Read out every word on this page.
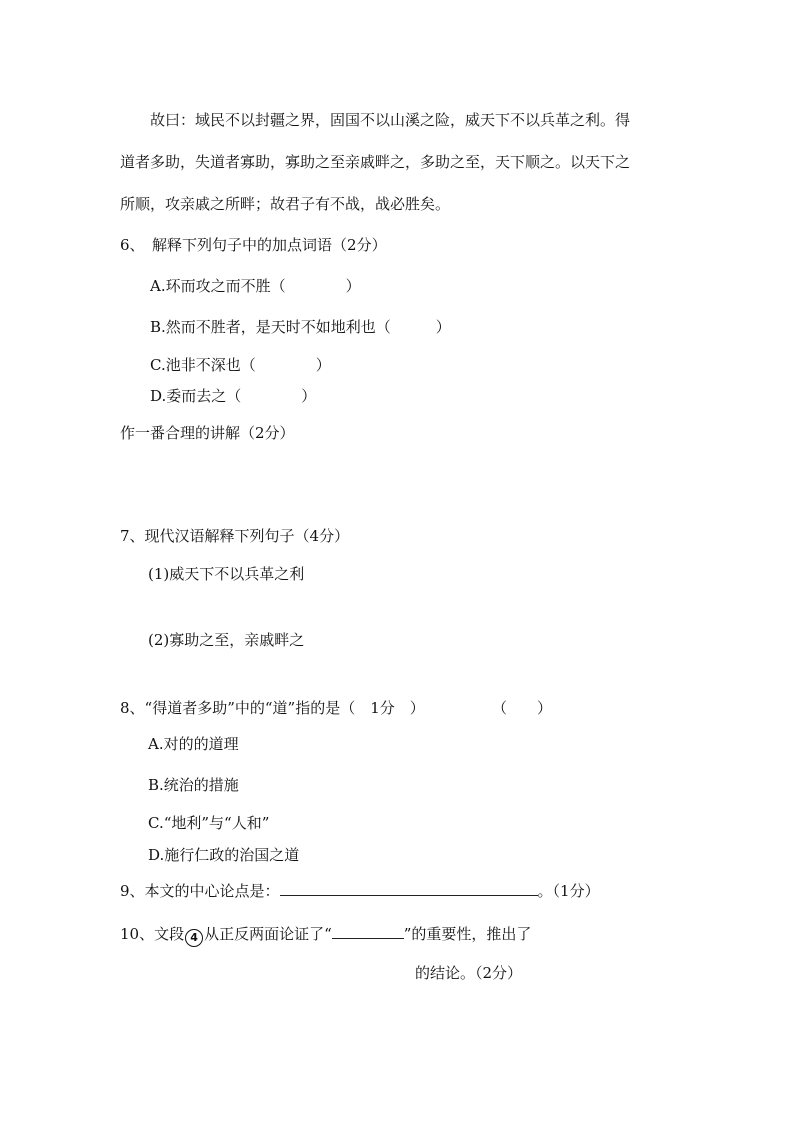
故曰：域民不以封疆之界，固国不以山溪之险，威天下不以兵革之利。得
道者多助，失道者寡助，寡助之至亲戚畔之，多助之至，天下顺之。以天下之
所顺，攻亲戚之所畔；故君子有不战，战必胜矣。
6、　解释下列句子中的加点词语（2分）
A.环而攻之而不胜（　　　　）
B.然而不胜者，是天时不如地利也（　　　）
C.池非不深也（　　　　）
D.委而去之（　　　　）
作一番合理的讲解（2分）
7、现代汉语解释下列句子（4分）
(1)威天下不以兵革之利
(2)寡助之至，亲戚畔之
8、“得道者多助”中的“道”指的是（　1分　）	（　　）
A.对的的道理
B.统治的措施
C.“地利”与“人和”
D.施行仁政的治国之道
9、本文的中心论点是：	。（1分）
10、文段 4 从正反两面论证了“	”的重要性，推出了
的结论。（2分）
